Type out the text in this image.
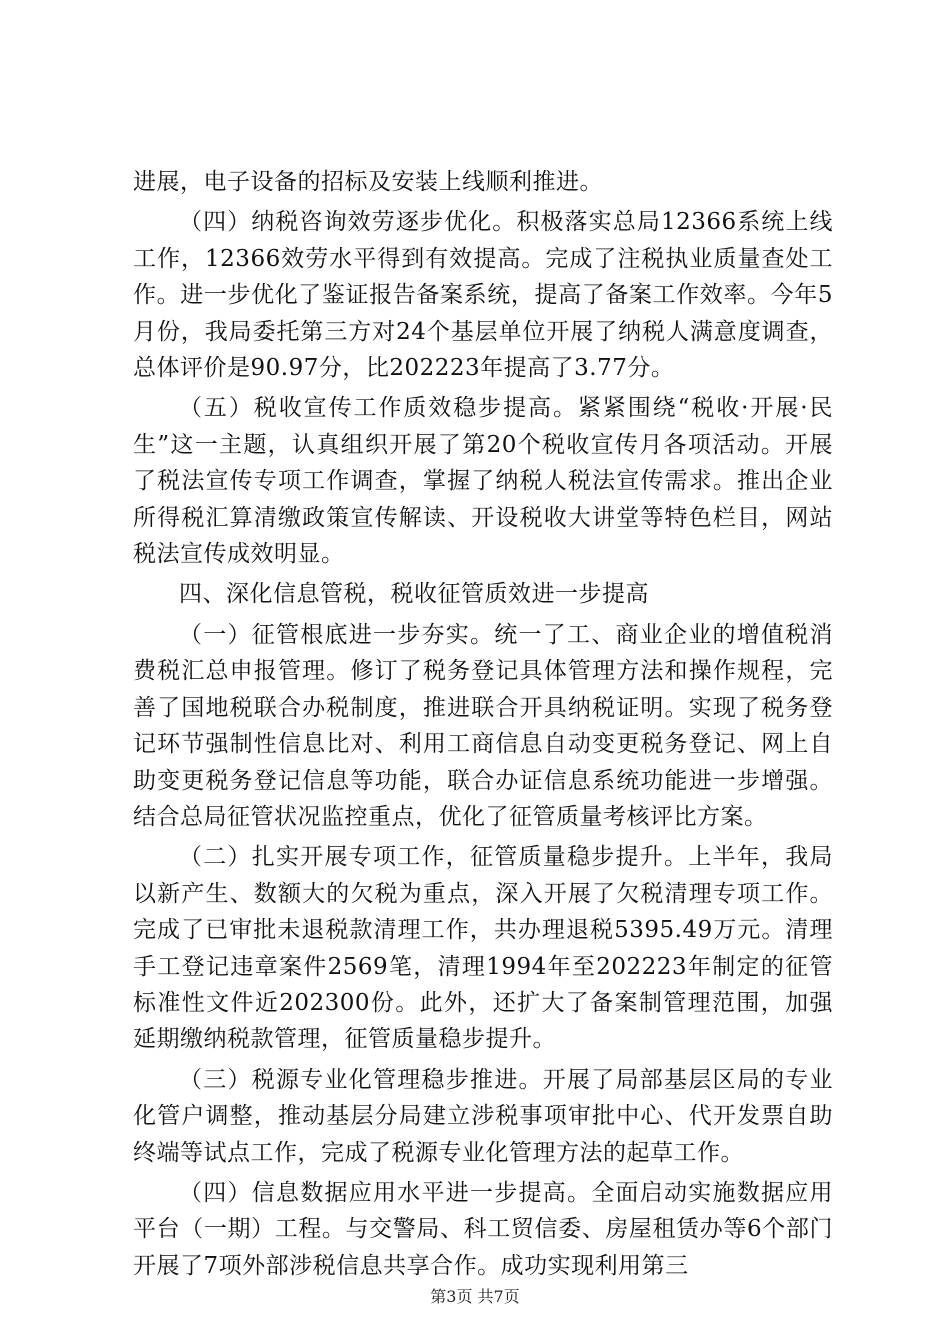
进展，电子设备的招标及安装上线顺利推进。

（四）纳税咨询效劳逐步优化。积极落实总局12366系统上线工作，12366效劳水平得到有效提高。完成了注税执业质量查处工作。进一步优化了鉴证报告备案系统，提高了备案工作效率。今年5月份，我局委托第三方对24个基层单位开展了纳税人满意度调查，总体评价是90.97分，比202223年提高了3.77分。

（五）税收宣传工作质效稳步提高。紧紧围绕“税收·开展·民生”这一主题，认真组织开展了第20个税收宣传月各项活动。开展了税法宣传专项工作调查，掌握了纳税人税法宣传需求。推出企业所得税汇算清缴政策宣传解读、开设税收大讲堂等特色栏目，网站税法宣传成效明显。

四、深化信息管税，税收征管质效进一步提高

（一）征管根底进一步夯实。统一了工、商业企业的增值税消费税汇总申报管理。修订了税务登记具体管理方法和操作规程，完善了国地税联合办税制度，推进联合开具纳税证明。实现了税务登记环节强制性信息比对、利用工商信息自动变更税务登记、网上自助变更税务登记信息等功能，联合办证信息系统功能进一步增强。结合总局征管状况监控重点，优化了征管质量考核评比方案。

（二）扎实开展专项工作，征管质量稳步提升。上半年，我局以新产生、数额大的欠税为重点，深入开展了欠税清理专项工作。完成了已审批未退税款清理工作，共办理退税5395.49万元。清理手工登记违章案件2569笔，清理1994年至202223年制定的征管标准性文件近202300份。此外，还扩大了备案制管理范围，加强延期缴纳税款管理，征管质量稳步提升。

（三）税源专业化管理稳步推进。开展了局部基层区局的专业化管户调整，推动基层分局建立涉税事项审批中心、代开发票自助终端等试点工作，完成了税源专业化管理方法的起草工作。

（四）信息数据应用水平进一步提高。全面启动实施数据应用平台（一期）工程。与交警局、科工贸信委、房屋租赁办等6个部门开展了7项外部涉税信息共享合作。成功实现利用第三

第3页 共7页
